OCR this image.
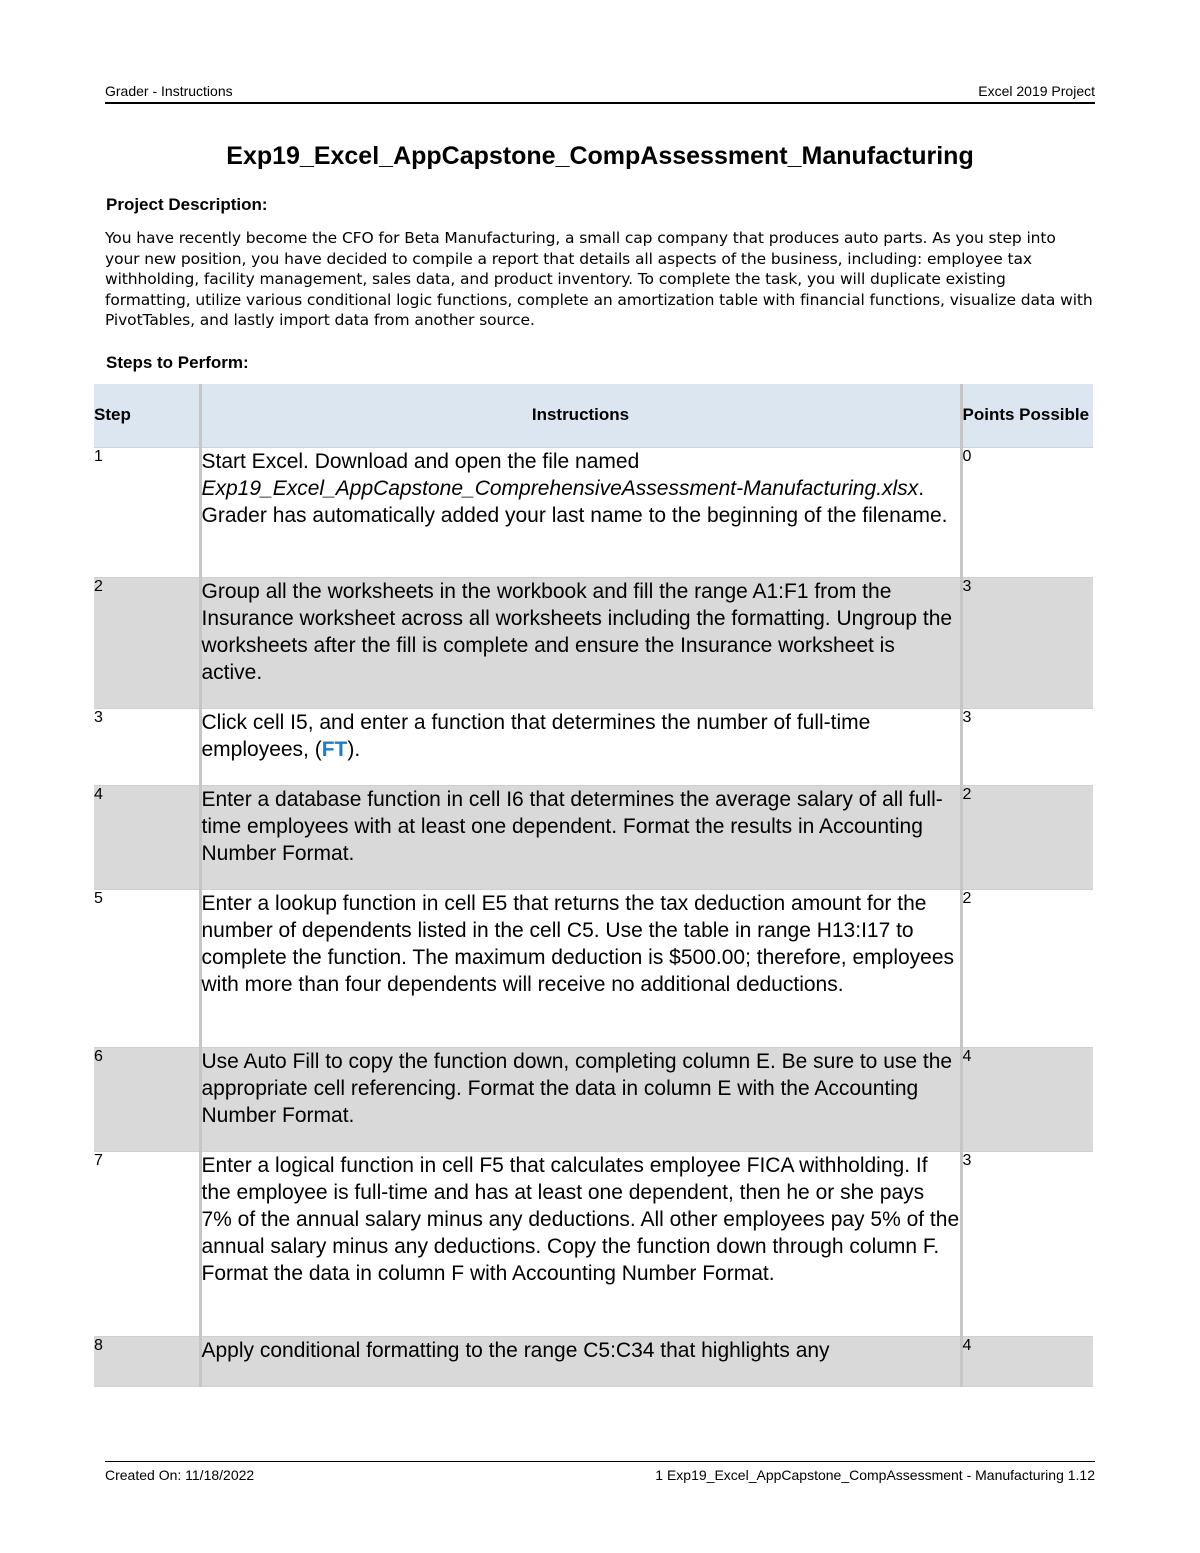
Grader - Instructions	Excel 2019 Project
Exp19_Excel_AppCapstone_CompAssessment_Manufacturing
Project Description:
You have recently become the CFO for Beta Manufacturing, a small cap company that produces auto parts. As you step into your new position, you have decided to compile a report that details all aspects of the business, including: employee tax withholding, facility management, sales data, and product inventory. To complete the task, you will duplicate existing formatting, utilize various conditional logic functions, complete an amortization table with financial functions, visualize data with PivotTables, and lastly import data from another source.
Steps to Perform:
Step	Instructions	Points Possible
1	Start Excel. Download and open the file named Exp19_Excel_AppCapstone_ComprehensiveAssessment-Manufacturing.xlsx. Grader has automatically added your last name to the beginning of the filename.	0
2	Group all the worksheets in the workbook and fill the range A1:F1 from the Insurance worksheet across all worksheets including the formatting. Ungroup the worksheets after the fill is complete and ensure the Insurance worksheet is active.	3
3	Click cell I5, and enter a function that determines the number of full-time employees, (FT).	3
4	Enter a database function in cell I6 that determines the average salary of all full-time employees with at least one dependent. Format the results in Accounting Number Format.	2
5	Enter a lookup function in cell E5 that returns the tax deduction amount for the number of dependents listed in the cell C5. Use the table in range H13:I17 to complete the function. The maximum deduction is $500.00; therefore, employees with more than four dependents will receive no additional deductions.	2
6	Use Auto Fill to copy the function down, completing column E. Be sure to use the appropriate cell referencing. Format the data in column E with the Accounting Number Format.	4
7	Enter a logical function in cell F5 that calculates employee FICA withholding. If the employee is full-time and has at least one dependent, then he or she pays 7% of the annual salary minus any deductions. All other employees pay 5% of the annual salary minus any deductions. Copy the function down through column F. Format the data in column F with Accounting Number Format.	3
8	Apply conditional formatting to the range C5:C34 that highlights any	4
Created On: 11/18/2022	1 Exp19_Excel_AppCapstone_CompAssessment - Manufacturing 1.12
